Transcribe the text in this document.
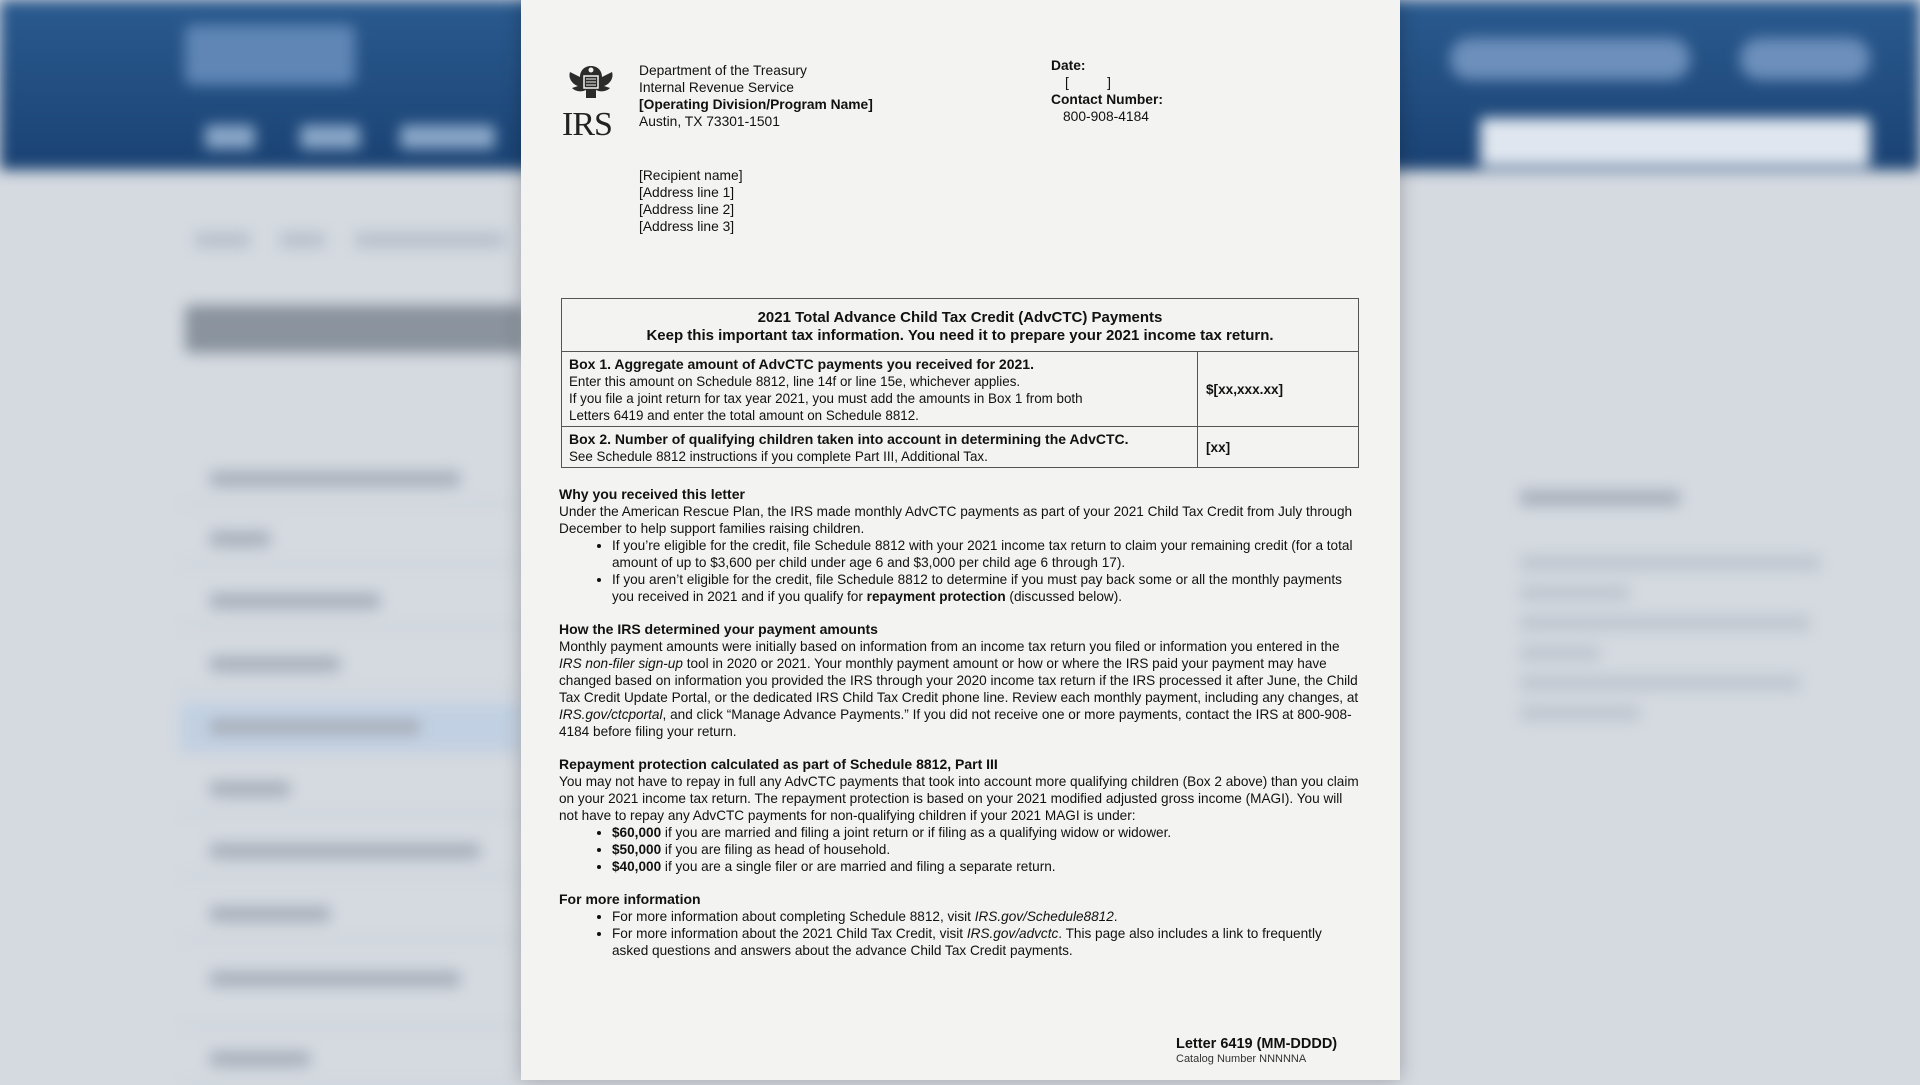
IRS
Department of the Treasury
Internal Revenue Service
[Operating Division/Program Name]
Austin, TX 73301-1501
Date:
[          ]
Contact Number:
800-908-4184
[Recipient name]
[Address line 1]
[Address line 2]
[Address line 3]
2021 Total Advance Child Tax Credit (AdvCTC) Payments
Keep this important tax information. You need it to prepare your 2021 income tax return.
Box 1. Aggregate amount of AdvCTC payments you received for 2021.
Enter this amount on Schedule 8812, line 14f or line 15e, whichever applies.
If you file a joint return for tax year 2021, you must add the amounts in Box 1 from both
Letters 6419 and enter the total amount on Schedule 8812.
$[xx,xxx.xx]
Box 2. Number of qualifying children taken into account in determining the AdvCTC.
See Schedule 8812 instructions if you complete Part III, Additional Tax.
[xx]
Why you received this letter

Under the American Rescue Plan, the IRS made monthly AdvCTC payments as part of your 2021 Child Tax Credit from July through December to help support families raising children.

• If you’re eligible for the credit, file Schedule 8812 with your 2021 income tax return to claim your remaining credit (for a total amount of up to $3,600 per child under age 6 and $3,000 per child age 6 through 17).
• If you aren’t eligible for the credit, file Schedule 8812 to determine if you must pay back some or all the monthly payments you received in 2021 and if you qualify for repayment protection (discussed below).
How the IRS determined your payment amounts

Monthly payment amounts were initially based on information from an income tax return you filed or information you entered in the IRS non-filer sign-up tool in 2020 or 2021. Your monthly payment amount or how or where the IRS paid your payment may have changed based on information you provided the IRS through your 2020 income tax return if the IRS processed it after June, the Child Tax Credit Update Portal, or the dedicated IRS Child Tax Credit phone line. Review each monthly payment, including any changes, at IRS.gov/ctcportal, and click “Manage Advance Payments.” If you did not receive one or more payments, contact the IRS at 800-908-4184 before filing your return.

Repayment protection calculated as part of Schedule 8812, Part III

You may not have to repay in full any AdvCTC payments that took into account more qualifying children (Box 2 above) than you claim on your 2021 income tax return. The repayment protection is based on your 2021 modified adjusted gross income (MAGI). You will not have to repay any AdvCTC payments for non-qualifying children if your 2021 MAGI is under:

• $60,000 if you are married and filing a joint return or if filing as a qualifying widow or widower.
• $50,000 if you are filing as head of household.
• $40,000 if you are a single filer or are married and filing a separate return.
For more information
• For more information about completing Schedule 8812, visit IRS.gov/Schedule8812.
• For more information about the 2021 Child Tax Credit, visit IRS.gov/advctc. This page also includes a link to frequently asked questions and answers about the advance Child Tax Credit payments.
Letter 6419 (MM-DDDD)
Catalog Number NNNNNA
